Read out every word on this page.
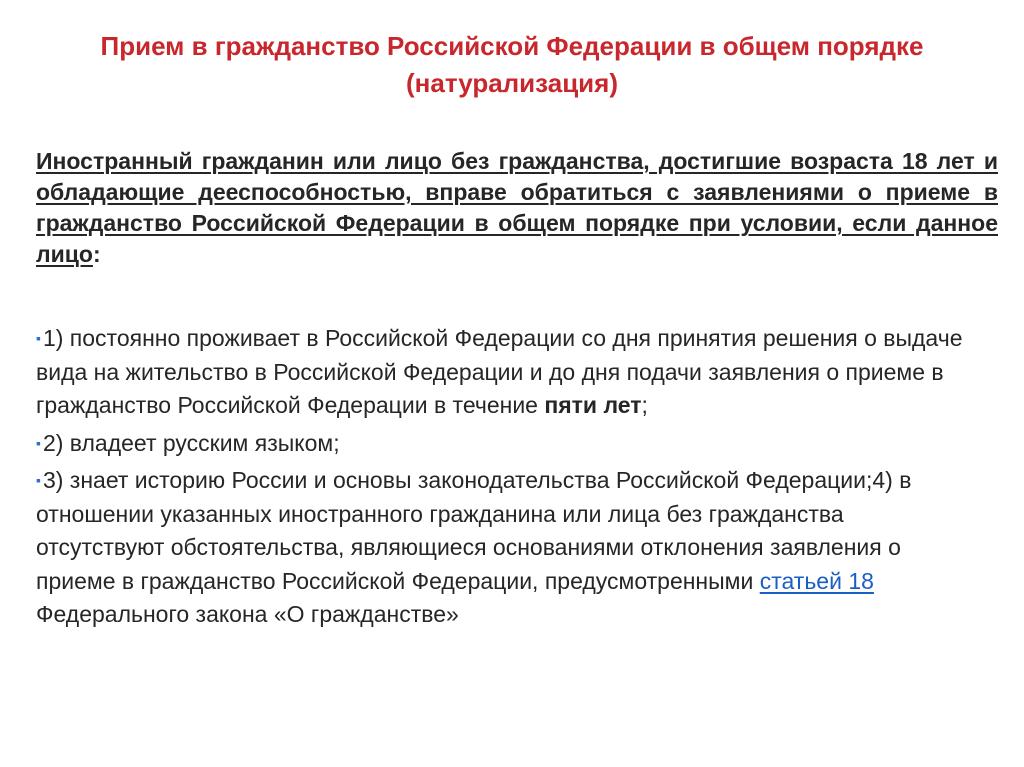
Прием в гражданство Российской Федерации в общем порядке (натурализация)
Иностранный гражданин или лицо без гражданства, достигшие возраста 18 лет и обладающие дееспособностью, вправе обратиться с заявлениями о приеме в гражданство Российской Федерации в общем порядке при условии, если данное лицо:
▪1) постоянно проживает в Российской Федерации со дня принятия решения о выдаче вида на жительство в Российской Федерации и до дня подачи заявления о приеме в гражданство Российской Федерации в течение пяти лет;
▪2) владеет русским языком;
▪3) знает историю России и основы законодательства Российской Федерации;4) в отношении указанных иностранного гражданина или лица без гражданства отсутствуют обстоятельства, являющиеся основаниями отклонения заявления о приеме в гражданство Российской Федерации, предусмотренными статьей 18 Федерального закона «О гражданстве»
